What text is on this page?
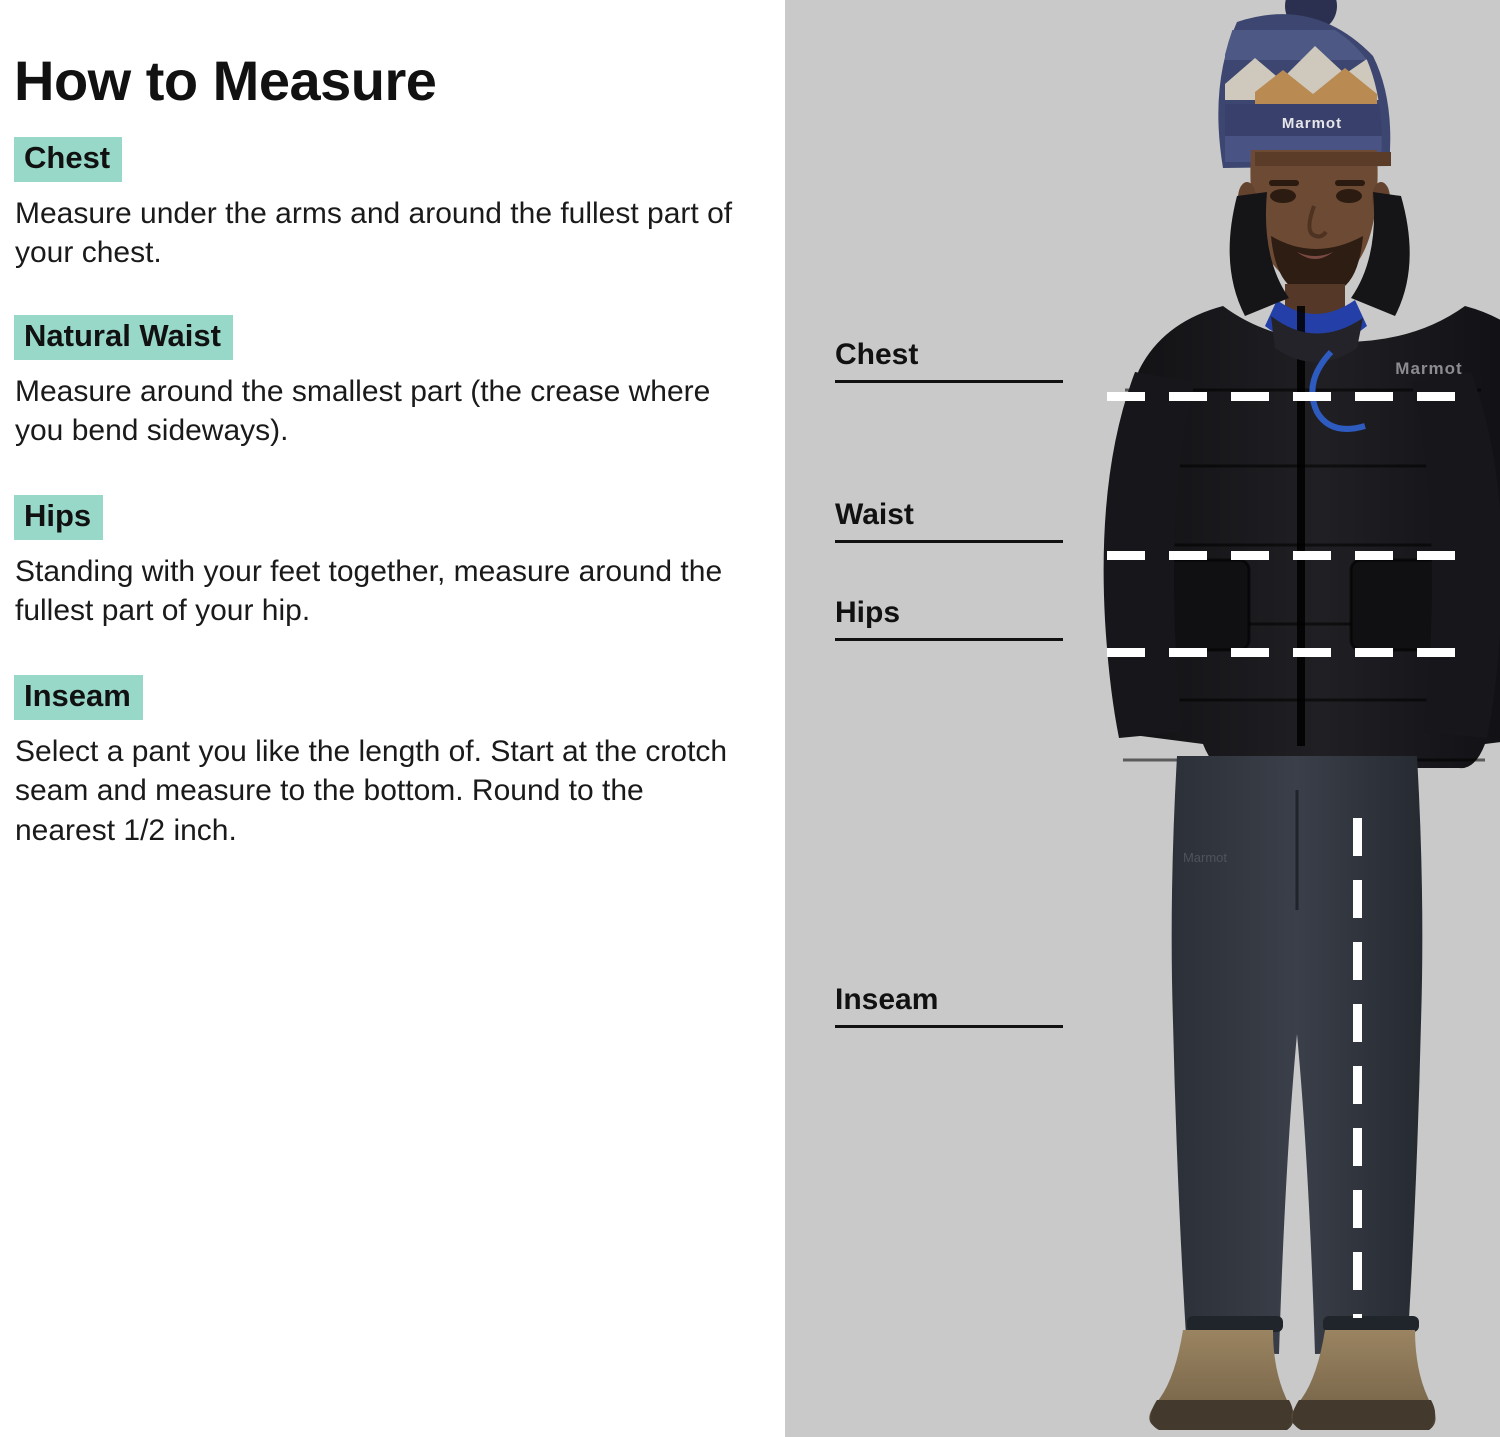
How to Measure
Chest

Measure under the arms and around the fullest part of your chest.

Natural Waist

Measure around the smallest part (the crease where you bend sideways).

Hips

Standing with your feet together, measure around the fullest part of your hip.

Inseam

Select a pant you like the length of. Start at the crotch seam and measure to the bottom. Round to the nearest 1/2 inch.

Marmot
Marmot
Marmot
Chest
Waist
Hips
Inseam
